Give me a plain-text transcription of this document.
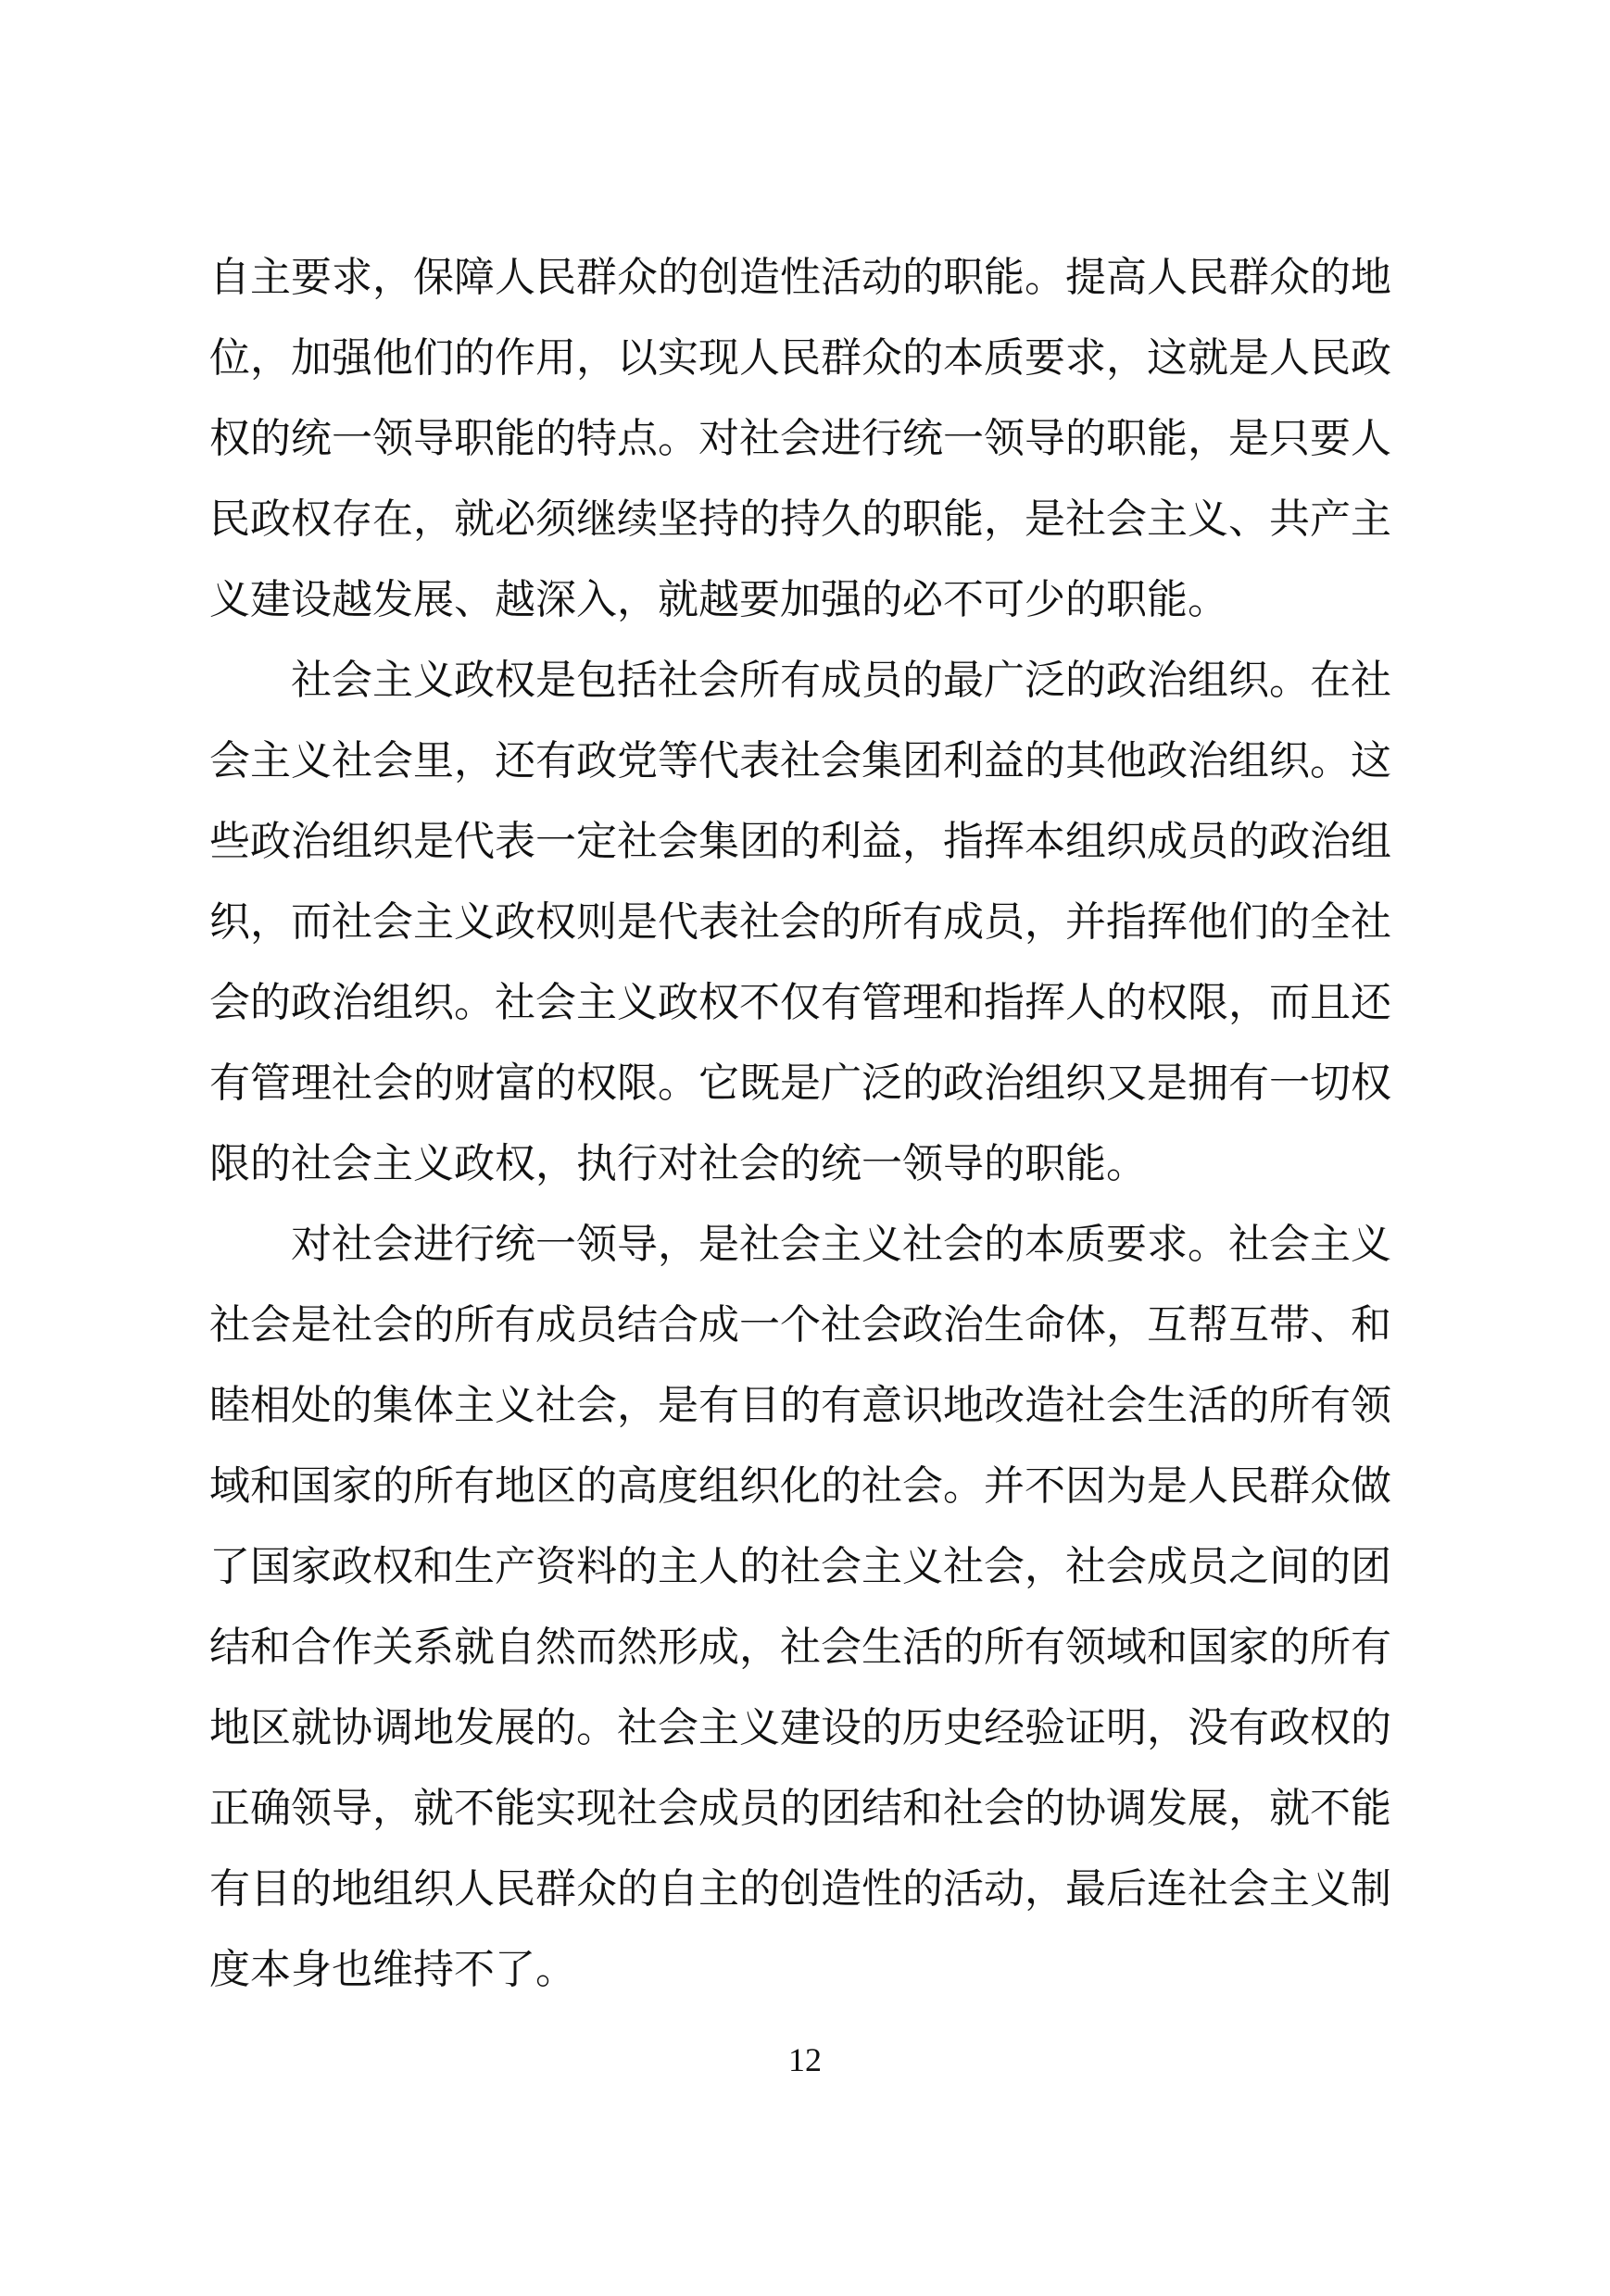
自主要求，保障人民群众的创造性活动的职能。提高人民群众的地
位，加强他们的作用，以实现人民群众的本质要求，这就是人民政
权的统一领导职能的特点。对社会进行统一领导的职能，是只要人
民政权存在，就必须继续坚持的持久的职能，是社会主义、共产主
义建设越发展、越深入，就越要加强的必不可少的职能。
社会主义政权是包括社会所有成员的最广泛的政治组织。在社
会主义社会里，还有政党等代表社会集团利益的其他政治组织。这
些政治组织是代表一定社会集团的利益，指挥本组织成员的政治组
织，而社会主义政权则是代表社会的所有成员，并指挥他们的全社
会的政治组织。社会主义政权不仅有管理和指挥人的权限，而且还
有管理社会的财富的权限。它既是广泛的政治组织又是拥有一切权
限的社会主义政权，执行对社会的统一领导的职能。
对社会进行统一领导，是社会主义社会的本质要求。社会主义
社会是社会的所有成员结合成一个社会政治生命体，互帮互带、和
睦相处的集体主义社会，是有目的有意识地改造社会生活的所有领
域和国家的所有地区的高度组织化的社会。并不因为是人民群众做
了国家政权和生产资料的主人的社会主义社会，社会成员之间的团
结和合作关系就自然而然形成，社会生活的所有领域和国家的所有
地区就协调地发展的。社会主义建设的历史经验证明，没有政权的
正确领导，就不能实现社会成员的团结和社会的协调发展，就不能
有目的地组织人民群众的自主的创造性的活动，最后连社会主义制
度本身也维持不了。
12
